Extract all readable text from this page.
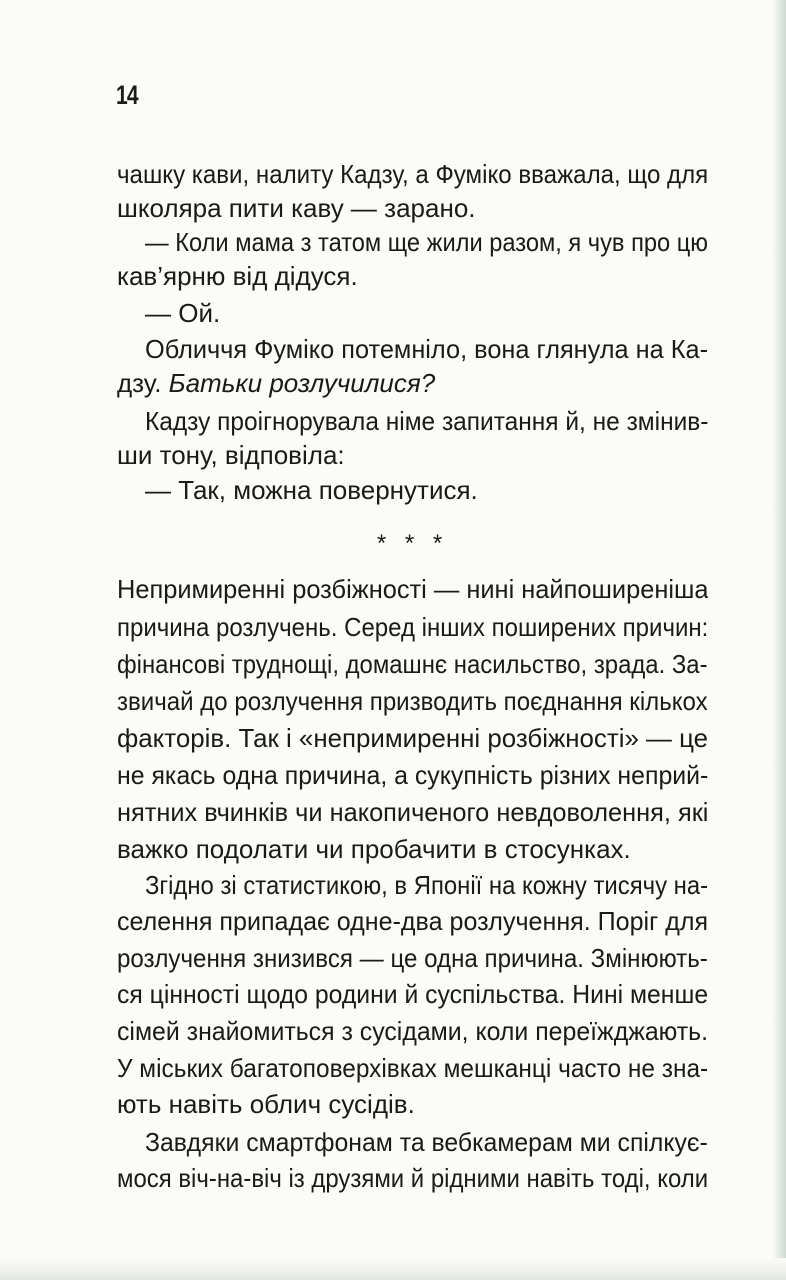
14
чашку кави, налиту Кадзу, а Фуміко вважала, що для
школяра пити каву — зарано.
— Коли мама з татом ще жили разом, я чув про цю
кав’ярню від дідуся.
— Ой.
Обличчя Фуміко потемніло, вона глянула на Ка-
дзу. Батьки розлучилися?
Кадзу проігнорувала німе запитання й, не змінив-
ши тону, відповіла:
— Так, можна повернутися.
* * *
Непримиренні розбіжності — нині найпоширеніша
причина розлучень. Серед інших поширених причин:
фінансові труднощі, домашнє насильство, зрада. За-
звичай до розлучення призводить поєднання кількох
факторів. Так і «непримиренні розбіжності» — це
не якась одна причина, а сукупність різних неприй-
нятних вчинків чи накопиченого невдоволення, які
важко подолати чи пробачити в стосунках.
Згідно зі статистикою, в Японії на кожну тисячу на-
селення припадає одне-два розлучення. Поріг для
розлучення знизився — це одна причина. Змінюють-
ся цінності щодо родини й суспільства. Нині менше
сімей знайомиться з сусідами, коли переїжджають.
У міських багатоповерхівках мешканці часто не зна-
ють навіть облич сусідів.
Завдяки смартфонам та вебкамерам ми спілкує-
мося віч-на-віч із друзями й рідними навіть тоді, коли
